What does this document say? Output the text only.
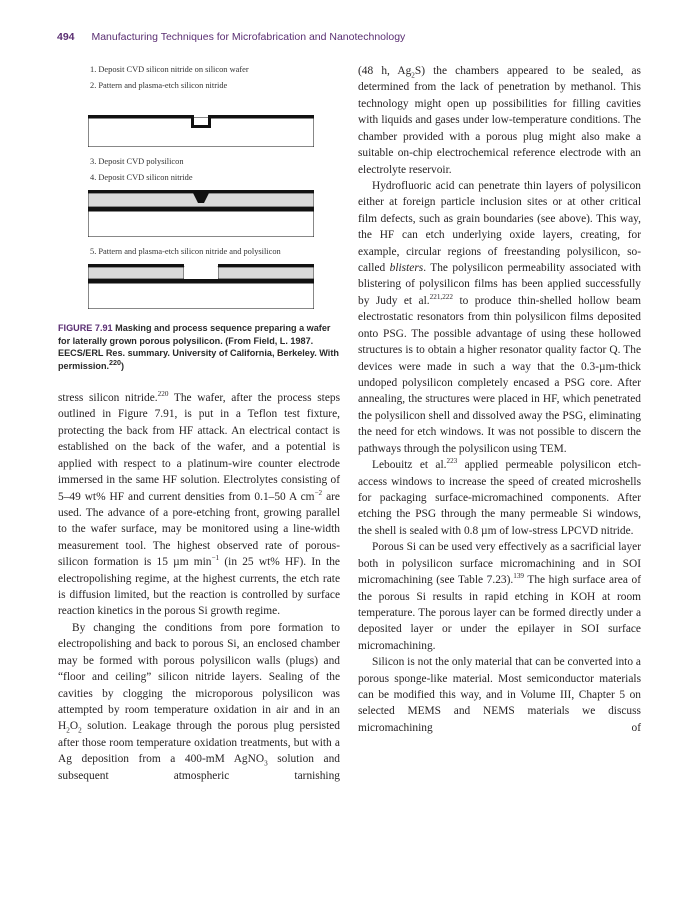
494 Manufacturing Techniques for Microfabrication and Nanotechnology
1. Deposit CVD silicon nitride on silicon wafer
2. Pattern and plasma-etch silicon nitride
3. Deposit CVD polysilicon
4. Deposit CVD silicon nitride
5. Pattern and plasma-etch silicon nitride and polysilicon
FIGURE 7.91 Masking and process sequence preparing a wafer for laterally grown porous polysilicon. (From Field, L. 1987. EECS/ERL Res. summary. University of California, Berkeley. With permission.$^{220}$)

stress silicon nitride.$^{220}$ The wafer, after the process steps outlined in Figure 7.91, is put in a Teflon test fixture, protecting the back from HF attack. An electrical contact is established on the back of the wafer, and a potential is applied with respect to a platinum-wire counter electrode immersed in the same HF solution. Electrolytes consisting of 5–49 wt% HF and current densities from 0.1–50 A $cm^{-2}$ are used. The advance of a pore-etching front, growing parallel to the wafer surface, may be monitored using a line-width measurement tool. The highest observed rate of porous-silicon formation is 15 µm $\min^{-1} (in$ 25 wt% HF). In the electropolishing regime, at the highest currents, the etch rate is diffusion limited, but the reaction is controlled by surface reaction kinetics in the porous Si growth regime.

By changing the conditions from pore formation to electropolishing and back to porous Si, an enclosed chamber may be formed with porous polysilicon walls (plugs) and “floor and ceiling” silicon nitride layers. Sealing of the cavities by clogging the microporous polysilicon was attempted by room temperature oxidation in air and in an $H_2O_2$ solution. Leakage through the porous plug persisted after those room temperature oxidation treatments, but with a Ag deposition from a 400-mM AgNO$_3$ solution and subsequent atmospheric tarnishing

(48 h, $Ag_2S$) the chambers appeared to be sealed, as determined from the lack of penetration by methanol. This technology might open up possibilities for filling cavities with liquids and gases under low-temperature conditions. The chamber provided with a porous plug might also make a suitable on-chip electrochemical reference electrode with an electrolyte reservoir.

Hydrofluoric acid can penetrate thin layers of polysilicon either at foreign particle inclusion sites or at other critical film defects, such as grain boundaries (see above). This way, the HF can etch underlying oxide layers, creating, for example, circular regions of freestanding polysilicon, so-called blisters. The polysilicon permeability associated with blistering of polysilicon films has been applied successfully by Judy et al.$^{221,222}$ to produce thin-shelled hollow beam electrostatic resonators from thin polysilicon films deposited onto PSG. The possible advantage of using these hollowed structures is to obtain a higher resonator quality factor Q. The devices were made in such a way that the 0.3-µm-thick undoped polysilicon completely encased a PSG core. After annealing, the structures were placed in HF, which penetrated the polysilicon shell and dissolved away the PSG, eliminating the need for etch windows. It was not possible to discern the pathways through the polysilicon using TEM.

Lebouitz et al.$^{223}$ applied permeable polysilicon etch-access windows to increase the speed of created microshells for packaging surface-micromachined components. After etching the PSG through the many permeable Si windows, the shell is sealed with 0.8 µm of low-stress LPCVD nitride.

Porous Si can be used very effectively as a sacrificial layer both in polysilicon surface micromachining and in SOI micromachining (see Table 7.23).$^{139}$ The high surface area of the porous Si results in rapid etching in KOH at room temperature. The porous layer can be formed directly under a deposited layer or under the epilayer in SOI surface micromachining.

Silicon is not the only material that can be converted into a porous sponge-like material. Most semiconductor materials can be modified this way, and in Volume III, Chapter 5 on selected MEMS and NEMS materials we discuss micromachining of
